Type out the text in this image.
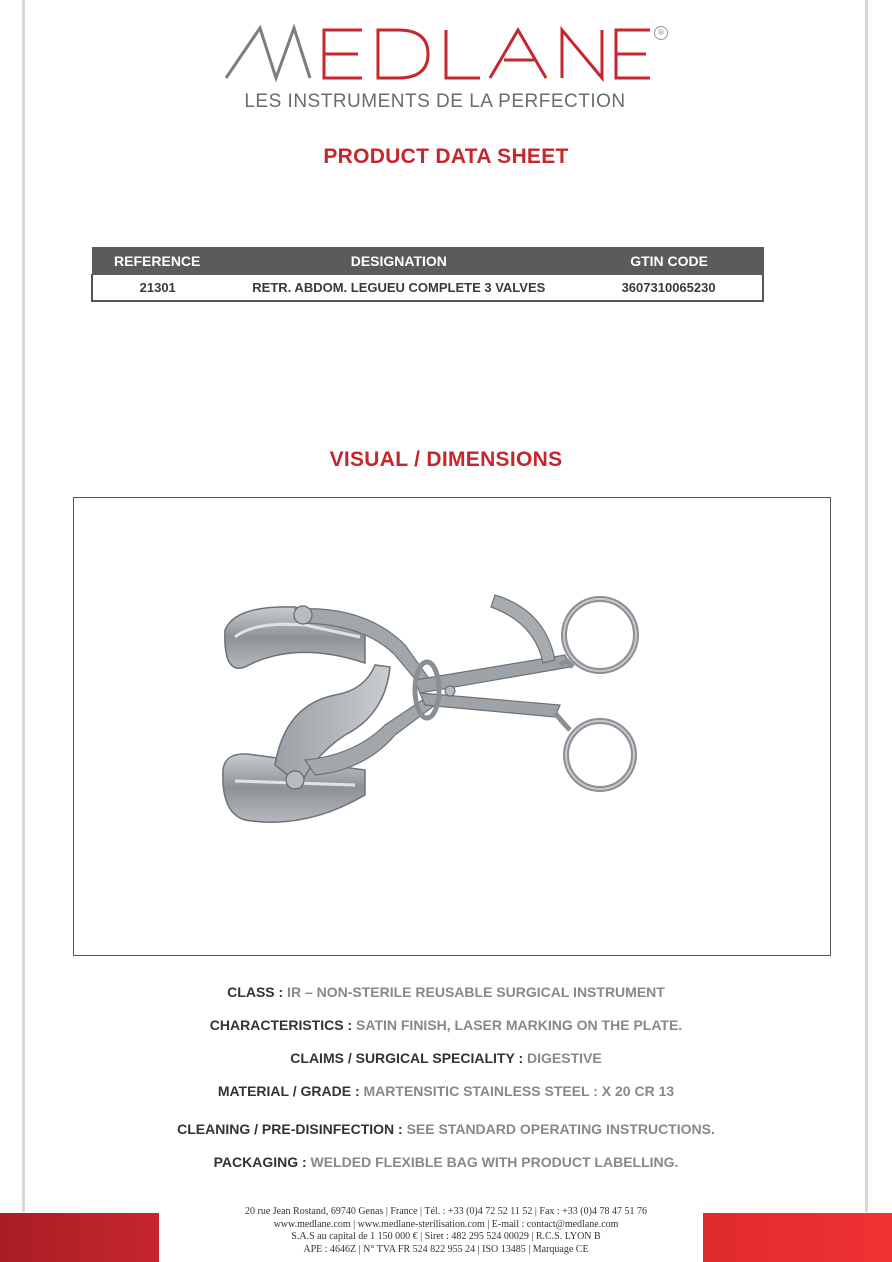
®
LES INSTRUMENTS DE LA PERFECTION
PRODUCT DATA SHEET
REFERENCE	DESIGNATION	GTIN CODE
21301	RETR. ABDOM. LEGUEU COMPLETE 3 VALVES	3607310065230
VISUAL / DIMENSIONS
CLASS : IR – NON-STERILE REUSABLE SURGICAL INSTRUMENT
CHARACTERISTICS : SATIN FINISH, LASER MARKING ON THE PLATE.
CLAIMS / SURGICAL SPECIALITY : DIGESTIVE
MATERIAL / GRADE : MARTENSITIC STAINLESS STEEL : X 20 CR 13
CLEANING / PRE-DISINFECTION : SEE STANDARD OPERATING INSTRUCTIONS.
PACKAGING : WELDED FLEXIBLE BAG WITH PRODUCT LABELLING.
20 rue Jean Rostand, 69740 Genas | France | Tél. : +33 (0)4 72 52 11 52 | Fax : +33 (0)4 78 47 51 76
www.medlane.com | www.medlane-sterilisation.com | E-mail : contact@medlane.com
S.A.S au capital de 1 150 000 € | Siret : 482 295 524 00029 | R.C.S. LYON B
APE : 4646Z | N° TVA FR 524 822 955 24 | ISO 13485 | Marquage CE
